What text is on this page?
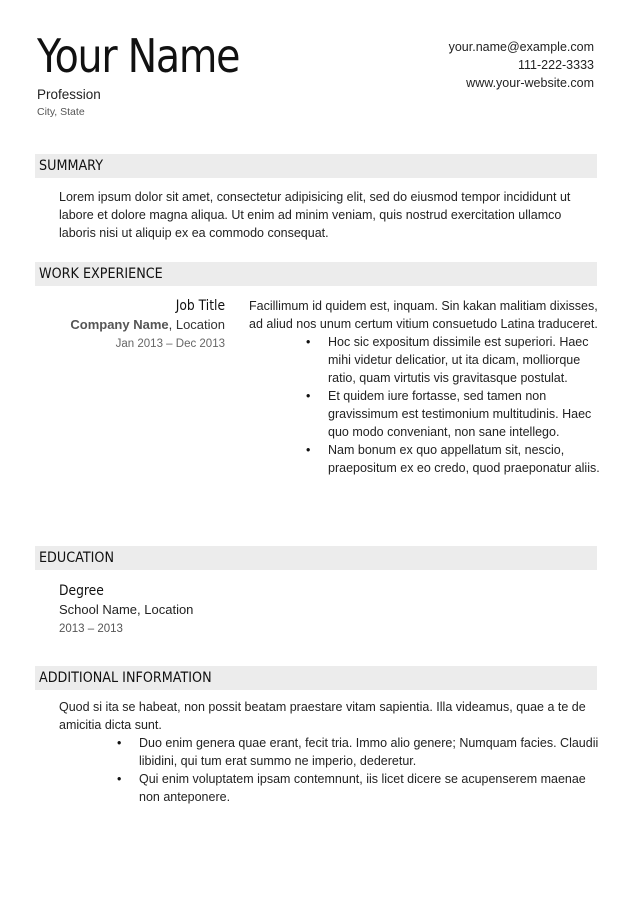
Your Name
Profession
City, State
your.name@example.com
111-222-3333
www.your-website.com
SUMMARY
Lorem ipsum dolor sit amet, consectetur adipisicing elit, sed do eiusmod tempor incididunt ut labore et dolore magna aliqua. Ut enim ad minim veniam, quis nostrud exercitation ullamco laboris nisi ut aliquip ex ea commodo consequat.
WORK EXPERIENCE
Job Title
Company Name, Location
Jan 2013 – Dec 2013
Facillimum id quidem est, inquam. Sin kakan malitiam dixisses, ad aliud nos unum certum vitium consuetudo Latina traduceret.
• Hoc sic expositum dissimile est superiori. Haec mihi videtur delicatior, ut ita dicam, molliorque ratio, quam virtutis vis gravitasque postulat.
• Et quidem iure fortasse, sed tamen non gravissimum est testimonium multitudinis. Haec quo modo conveniant, non sane intellego.
• Nam bonum ex quo appellatum sit, nescio, praepositum ex eo credo, quod praeponatur aliis.
EDUCATION
Degree
School Name, Location
2013 – 2013
ADDITIONAL INFORMATION
Quod si ita se habeat, non possit beatam praestare vitam sapientia. Illa videamus, quae a te de amicitia dicta sunt.
• Duo enim genera quae erant, fecit tria. Immo alio genere; Numquam facies. Claudii libidini, qui tum erat summo ne imperio, dederetur.
• Qui enim voluptatem ipsam contemnunt, iis licet dicere se acupenserem maenae non anteponere.
